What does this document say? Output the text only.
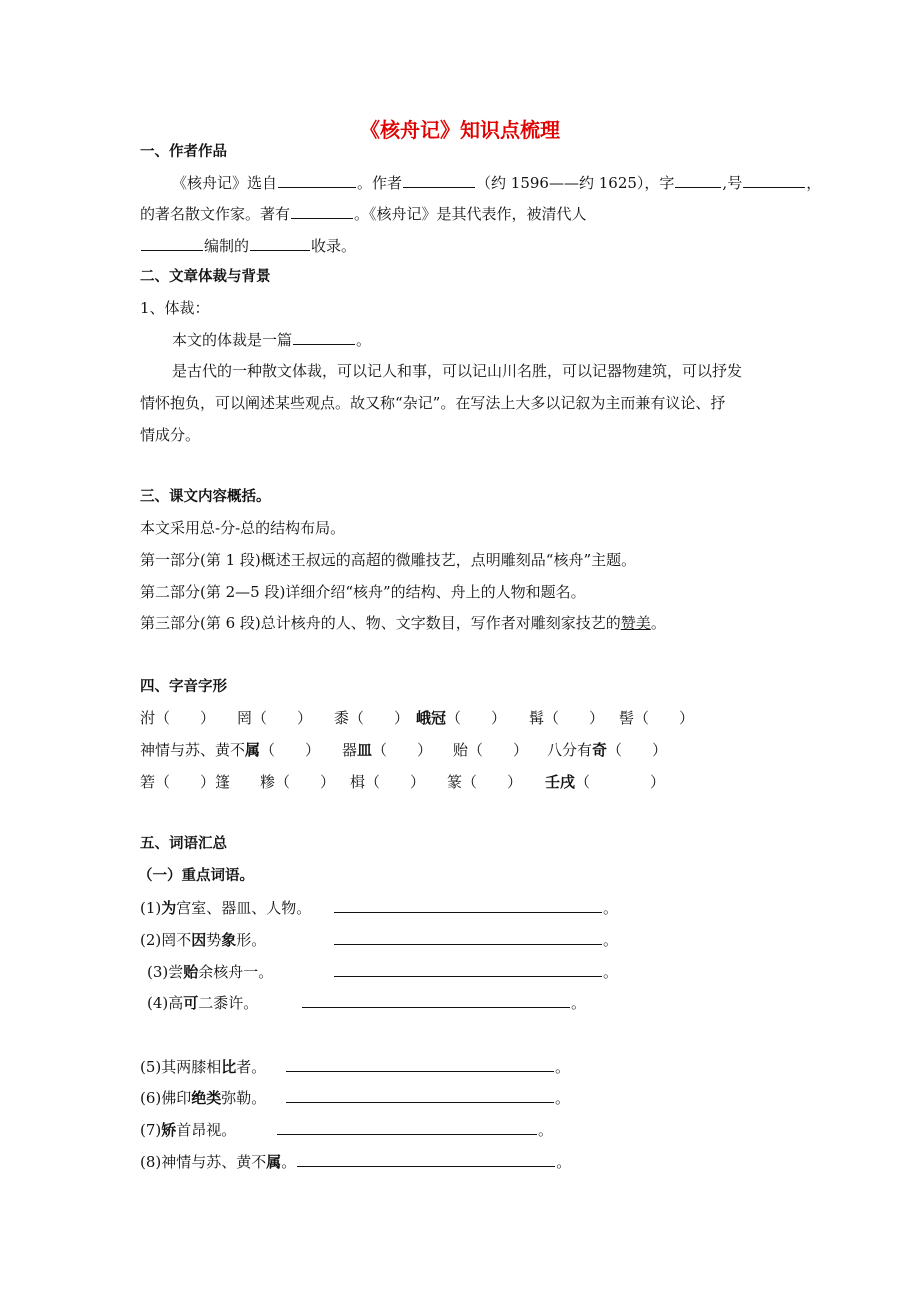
《核舟记》知识点梳理
一、作者作品
《核舟记》选自	。作者	（约 1596——约 1625），字	,号	，
的著名散文作家。著有	。《核舟记》是其代表作，被清代人
编制的	收录。
二、文章体裁与背景
1、体裁：
本文的体裁是一篇	。
是古代的一种散文体裁，可以记人和事，可以记山川名胜，可以记器物建筑，可以抒发
情怀抱负，可以阐述某些观点。故又称“杂记”。在写法上大多以记叙为主而兼有议论、抒
情成分。
三、课文内容概括。
本文采用总-分-总的结构布局。
第一部分(第 1 段)概述王叔远的高超的微雕技艺，点明雕刻品“核舟”主题。
第二部分(第 2—5 段)详细介绍“核舟”的结构、舟上的人物和题名。
第三部分(第 6 段)总计核舟的人、物、文字数目，写作者对雕刻家技艺的赞美。
四、字音字形
泭（　　） 罔（　　） 黍（　　） 峨冠（　　） 髯（　　） 髻（　　）
神情与苏、黄不属（　　） 器皿（　　） 贻（　　） 八分有奇（　　）
箬（　　）篷 糁（　　） 楫（　　） 篆（　　） 壬戌（　　　　）
五、词语汇总
（一）重点词语。
(1)为宫室、器皿、人物。	。
(2)罔不因势象形。	。
(3)尝贻余核舟一。	。
(4)高可二黍许。	。
(5)其两膝相比者。	。
(6)佛印绝类弥勒。	。
(7)矫首昂视。	。
(8)神情与苏、黄不属。	。
